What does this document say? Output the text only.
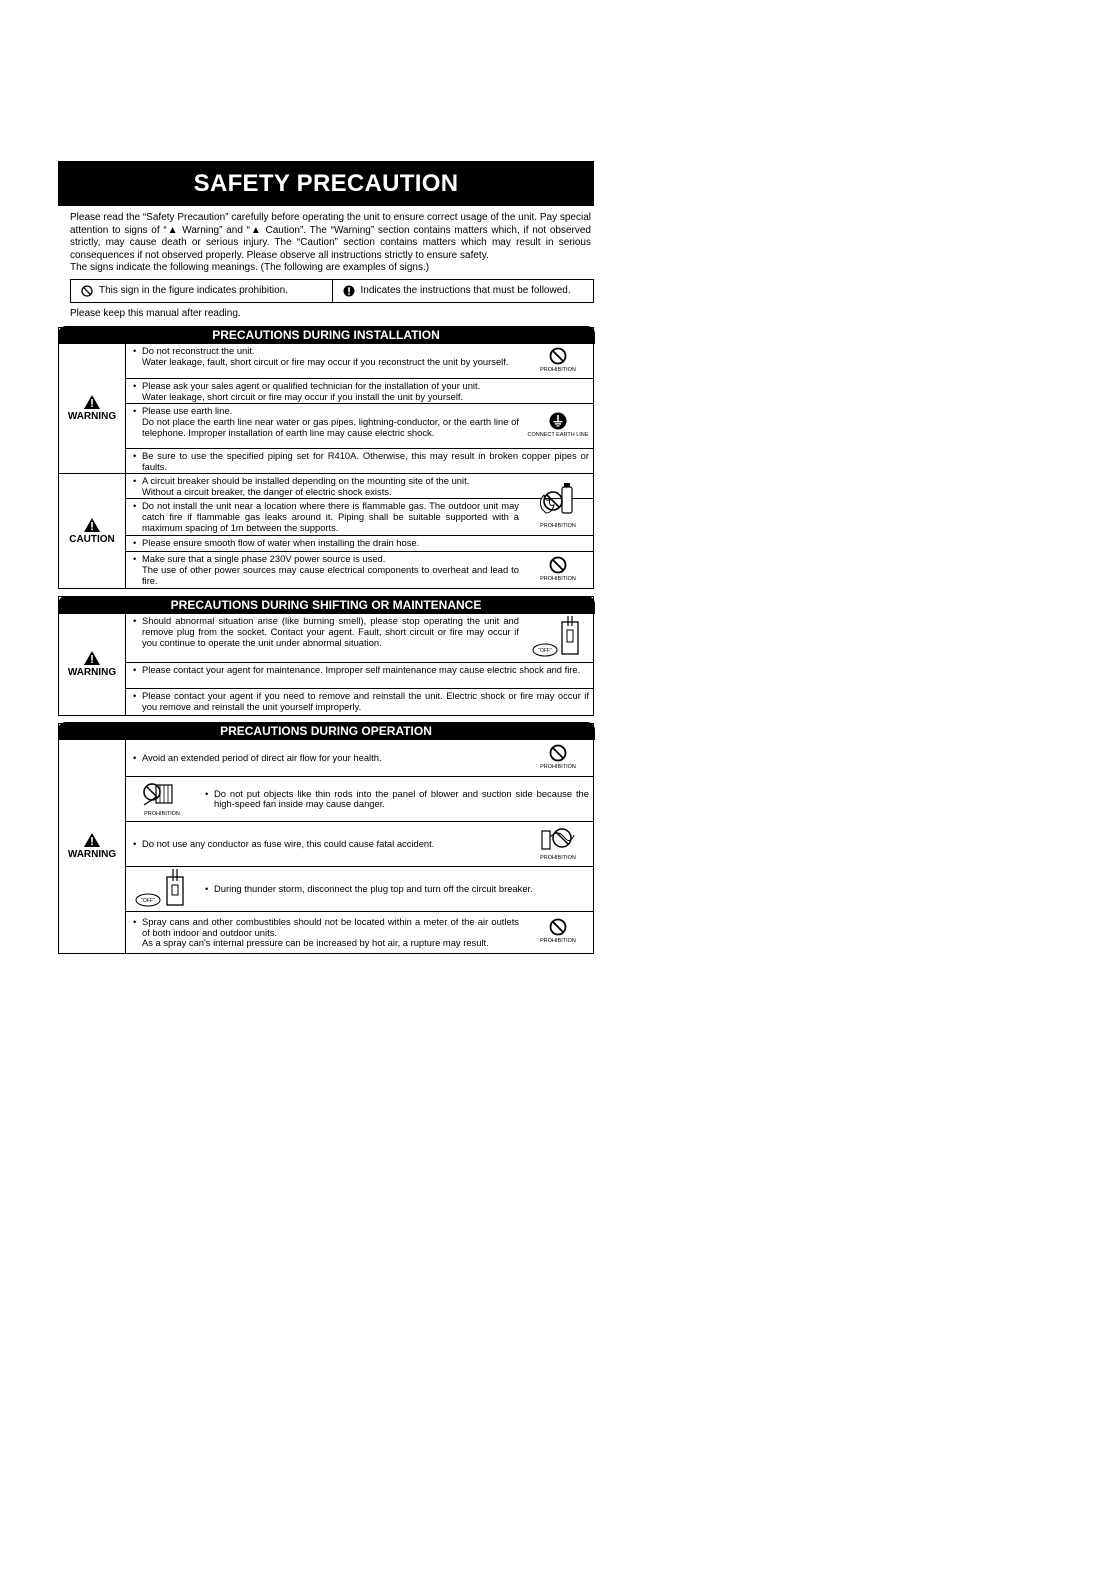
SAFETY PRECAUTION

Please read the “Safety Precaution” carefully before operating the unit to ensure correct usage of the unit. Pay special attention to signs of “▲ Warning” and “▲ Caution”. The “Warning” section contains matters which, if not observed strictly, may cause death or serious injury. The “Caution” section contains matters which may result in serious consequences if not observed properly. Please observe all instructions strictly to ensure safety.

The signs indicate the following meanings. (The following are examples of signs.)

This sign in the figure indicates prohibition.	Indicates the instructions that must be followed.
Please keep this manual after reading.
PRECAUTIONS DURING INSTALLATION
WARNING
• Do not reconstruct the unit.
Water leakage, fault, short circuit or fire may occur if you reconstruct the unit by yourself.
PROHIBITION
• Please ask your sales agent or qualified technician for the installation of your unit.
Water leakage, short circuit or fire may occur if you install the unit by yourself.
• Please use earth line.
Do not place the earth line near water or gas pipes, lightning-conductor, or the earth line of telephone. Improper installation of earth line may cause electric shock.	CONNECT EARTH LINE
• Be sure to use the specified piping set for R410A. Otherwise, this may result in broken copper pipes or faults.
CAUTION
• A circuit breaker should be installed depending on the mounting site of the unit.
Without a circuit breaker, the danger of electric shock exists.
• Do not install the unit near a location where there is flammable gas. The outdoor unit may catch fire if flammable gas leaks around it. Piping shall be suitable supported with a maximum spacing of 1m between the supports.	PROHIBITION
• Please ensure smooth flow of water when installing the drain hose.
• Make sure that a single phase 230V power source is used.
The use of other power sources may cause electrical components to overheat and lead to fire.	PROHIBITION
PRECAUTIONS DURING SHIFTING OR MAINTENANCE
WARNING
• Should abnormal situation arise (like burning smell), please stop operating the unit and remove plug from the socket. Contact your agent. Fault, short circuit or fire may occur if you continue to operate the unit under abnormal situation.
"OFF"
• Please contact your agent for maintenance. Improper self maintenance may cause electric shock and fire.
• Please contact your agent if you need to remove and reinstall the unit. Electric shock or fire may occur if you remove and reinstall the unit yourself improperly.
PRECAUTIONS DURING OPERATION
WARNING
• Avoid an extended period of direct air flow for your health.
PROHIBITION
PROHIBITION
• Do not put objects like thin rods into the panel of blower and suction side because the high-speed fan inside may cause danger.
• Do not use any conductor as fuse wire, this could cause fatal accident.
PROHIBITION
"OFF"
• During thunder storm, disconnect the plug top and turn off the circuit breaker.
• Spray cans and other combustibles should not be located within a meter of the air outlets of both indoor and outdoor units.
As a spray can's internal pressure can be increased by hot air, a rupture may result.	PROHIBITION
